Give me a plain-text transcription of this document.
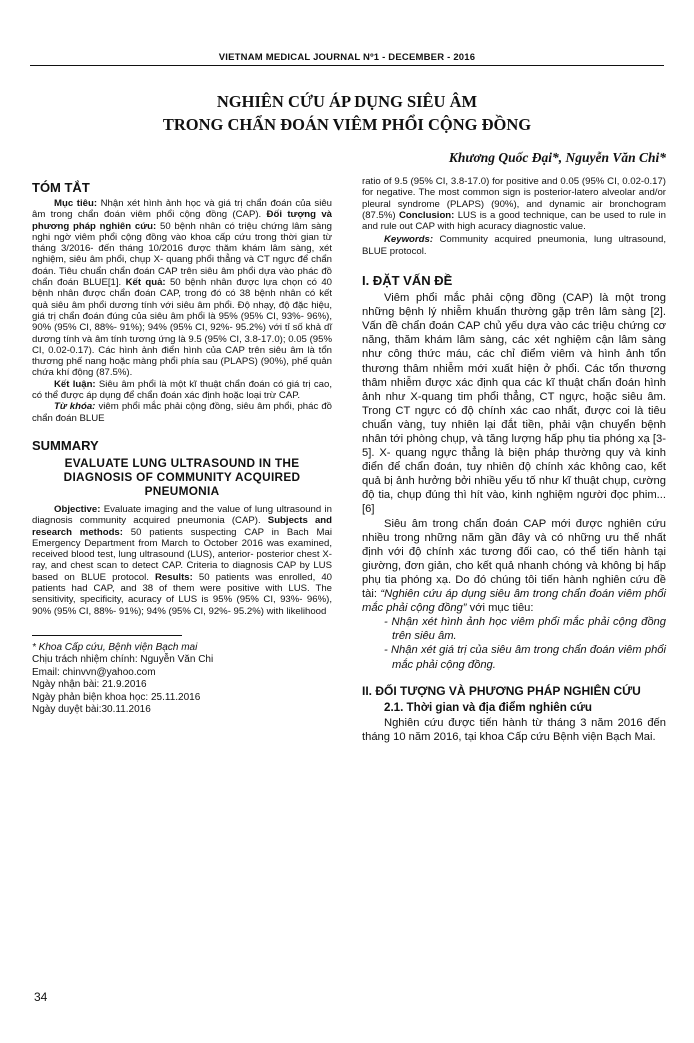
VIETNAM MEDICAL JOURNAL Nº1 - DECEMBER - 2016
NGHIÊN CỨU ÁP DỤNG SIÊU ÂM
TRONG CHẨN ĐOÁN VIÊM PHỔI CỘNG ĐỒNG
Khương Quốc Đại*, Nguyễn Văn Chi*
TÓM TẮT

Mục tiêu: Nhận xét hình ảnh học và giá trị chẩn đoán của siêu âm trong chẩn đoán viêm phổi cộng đồng (CAP). Đối tượng và phương pháp nghiên cứu: 50 bệnh nhân có triệu chứng lâm sàng nghi ngờ viêm phổi cộng đồng vào khoa cấp cứu trong thời gian từ tháng 3/2016- đến tháng 10/2016 được thăm khám lâm sàng, xét nghiệm, siêu âm phổi, chụp X- quang phổi thẳng và CT ngực để chẩn đoán. Tiêu chuẩn chẩn đoán CAP trên siêu âm phổi dựa vào phác đồ chẩn đoán BLUE[1]. Kết quả: 50 bệnh nhân được lựa chọn có 40 bệnh nhân được chẩn đoán CAP, trong đó có 38 bệnh nhân có kết quả siêu âm phổi dương tính với siêu âm phổi. Độ nhạy, độ đặc hiệu, giá trị chẩn đoán đúng của siêu âm phổi là 95% (95% CI, 93%- 96%), 90% (95% CI, 88%- 91%); 94% (95% CI, 92%- 95.2%) với tỉ số khả dĩ dương tính và âm tính tương ứng là 9.5 (95% CI, 3.8-17.0); 0.05 (95% CI, 0.02-0.17). Các hình ảnh điển hình của CAP trên siêu âm là tổn thương phế nang hoặc màng phổi phía sau (PLAPS) (90%), phế quản chứa khí động (87.5%).

Kết luận: Siêu âm phổi là một kĩ thuật chẩn đoán có giá trị cao, có thể được áp dụng để chẩn đoán xác định hoặc loại trừ CAP.

Từ khóa: viêm phổi mắc phải cộng đồng, siêu âm phổi, phác đồ chẩn đoán BLUE

SUMMARY
EVALUATE LUNG ULTRASOUND IN THE DIAGNOSIS OF COMMUNITY ACQUIRED PNEUMONIA

Objective: Evaluate imaging and the value of lung ultrasound in diagnosis community acquired pneumonia (CAP). Subjects and research methods: 50 patients suspecting CAP in Bach Mai Emergency Department from March to October 2016 was examined, received blood test, lung ultrasound (LUS), anterior- posterior chest X-ray, and chest scan to detect CAP. Criteria to diagnosis CAP by LUS based on BLUE protocol. Results: 50 patients was enrolled, 40 patients had CAP, and 38 of them were positive with LUS. The sensitivity, specificity, acuracy of LUS is 95% (95% CI, 93%- 96%), 90% (95% CI, 88%- 91%); 94% (95% CI, 92%- 95.2%) with likelihood

* Khoa Cấp cứu, Bệnh viện Bạch mai
Chịu trách nhiệm chính: Nguyễn Văn Chi
Email: chinvvn@yahoo.com
Ngày nhận bài: 21.9.2016
Ngày phản biện khoa học: 25.11.2016
Ngày duyệt bài:30.11.2016

ratio of 9.5 (95% CI, 3.8-17.0) for positive and 0.05 (95% CI, 0.02-0.17) for negative. The most common sign is posterior-latero alveolar and/or pleural syndrome (PLAPS) (90%), and dynamic air bronchogram (87.5%) Conclusion: LUS is a good technique, can be used to rule in and rule out CAP with high acuracy diagnostic value.

Keywords: Community acquired pneumonia, lung ultrasound, BLUE protocol.

I. ĐẶT VẤN ĐỀ

Viêm phổi mắc phải cộng đồng (CAP) là một trong những bệnh lý nhiễm khuẩn thường gặp trên lâm sàng [2]. Vấn đề chẩn đoán CAP chủ yếu dựa vào các triệu chứng cơ năng, thăm khám lâm sàng, các xét nghiệm cận lâm sàng như công thức máu, các chỉ điểm viêm và hình ảnh tổn thương thâm nhiễm mới xuất hiện ở phổi. Các tổn thương thâm nhiễm được xác định qua các kĩ thuật chẩn đoán hình ảnh như X-quang tim phổi thẳng, CT ngực, hoặc siêu âm. Trong CT ngực có độ chính xác cao nhất, được coi là tiêu chuẩn vàng, tuy nhiên lại đắt tiền, phải vận chuyển bệnh nhân tới phòng chụp, và tăng lượng hấp phụ tia phóng xạ [3-5]. X- quang ngực thẳng là biện pháp thường quy và kinh điển để chẩn đoán, tuy nhiên độ chính xác không cao, kết quả bị ảnh hưởng bởi nhiều yếu tố như kĩ thuật chụp, cường độ tia, chụp đúng thì hít vào, kinh nghiệm người đọc phim... [6]

Siêu âm trong chẩn đoán CAP mới được nghiên cứu nhiều trong những năm gần đây và có những ưu thế nhất định với độ chính xác tương đối cao, có thể tiến hành tại giường, đơn giản, cho kết quả nhanh chóng và không bị hấp phụ tia phóng xạ. Do đó chúng tôi tiến hành nghiên cứu đề tài: “Nghiên cứu áp dụng siêu âm trong chẩn đoán viêm phổi mắc phải cộng đồng” với mục tiêu:

- Nhận xét hình ảnh học viêm phổi mắc phải cộng đồng trên siêu âm.

- Nhận xét giá trị của siêu âm trong chẩn đoán viêm phổi mắc phải cộng đồng.

II. ĐỐI TƯỢNG VÀ PHƯƠNG PHÁP NGHIÊN CỨU
2.1. Thời gian và địa điểm nghiên cứu

Nghiên cứu được tiến hành từ tháng 3 năm 2016 đến tháng 10 năm 2016, tại khoa Cấp cứu Bệnh viện Bạch Mai.

34
